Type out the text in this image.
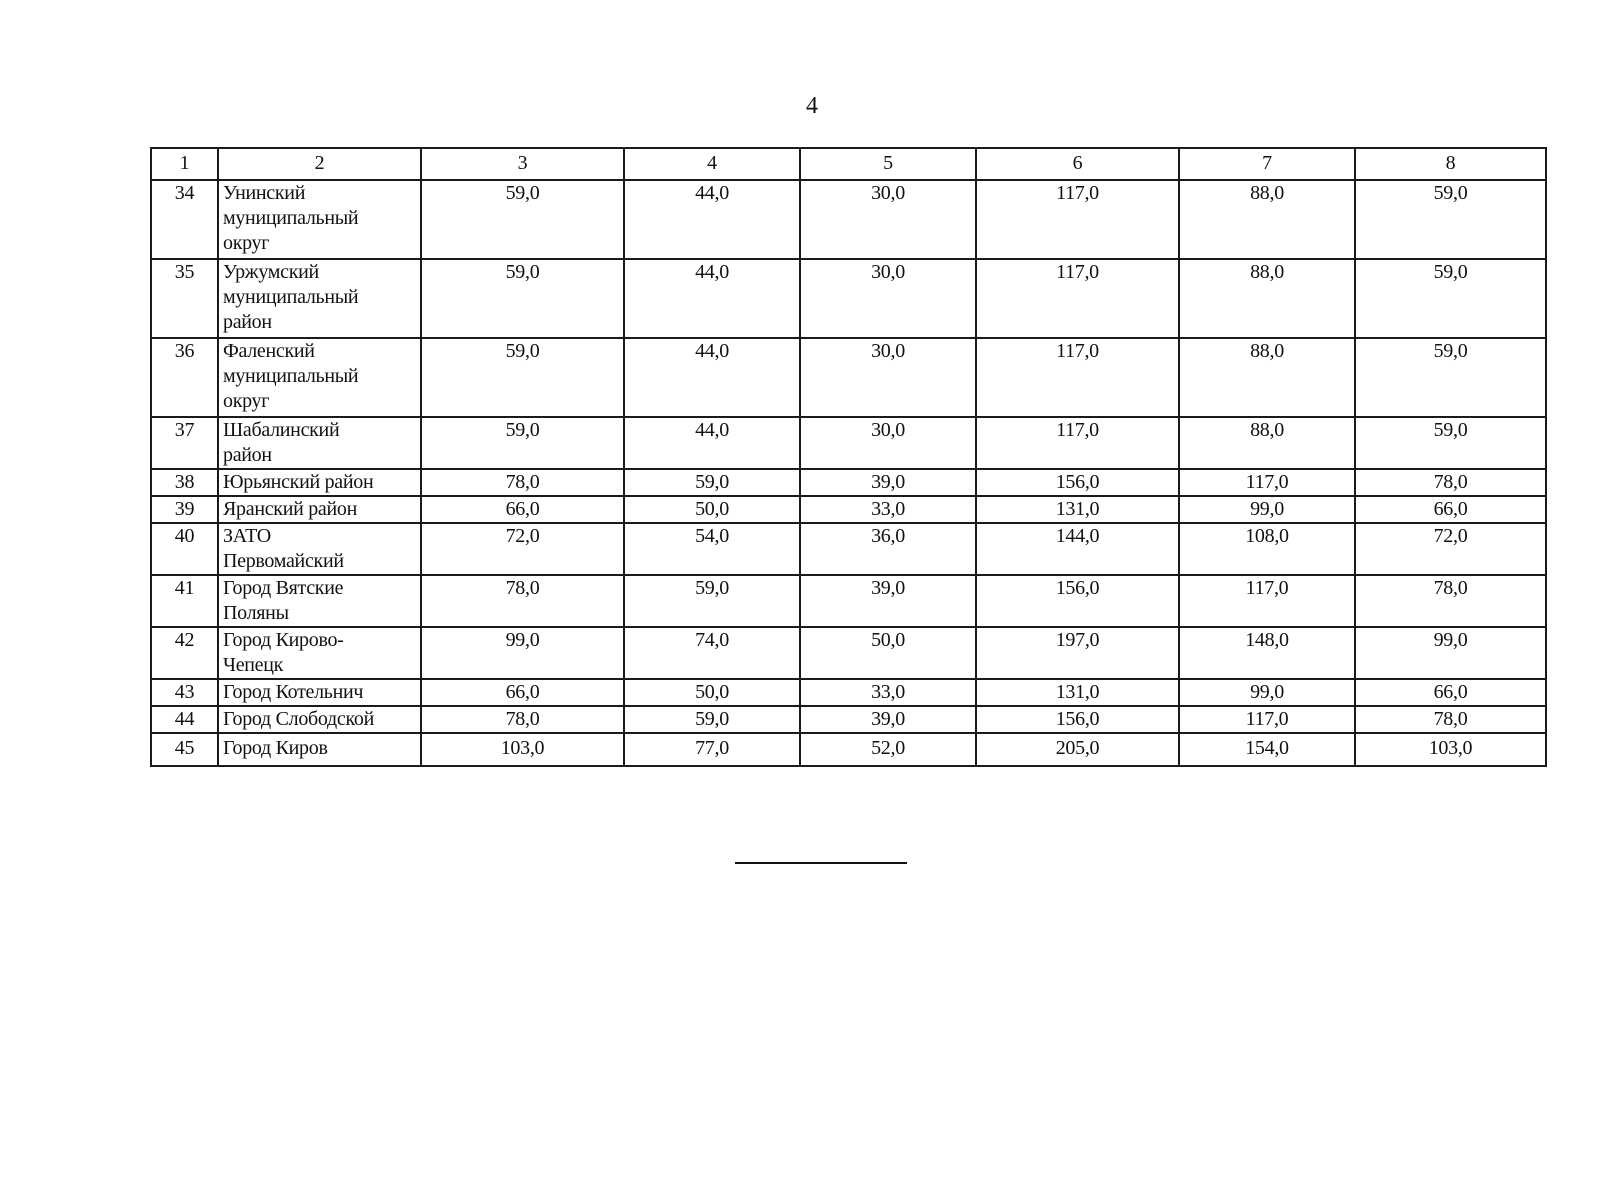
4
1	2	3	4	5	6	7	8
34	Унинский
муниципальный
округ	59,0	44,0	30,0	117,0	88,0	59,0
35	Уржумский
муниципальный
район	59,0	44,0	30,0	117,0	88,0	59,0
36	Фаленский
муниципальный
округ	59,0	44,0	30,0	117,0	88,0	59,0
37	Шабалинский
район	59,0	44,0	30,0	117,0	88,0	59,0
38	Юрьянский район	78,0	59,0	39,0	156,0	117,0	78,0
39	Яранский район	66,0	50,0	33,0	131,0	99,0	66,0
40	ЗАТО
Первомайский	72,0	54,0	36,0	144,0	108,0	72,0
41	Город Вятские
Поляны	78,0	59,0	39,0	156,0	117,0	78,0
42	Город Кирово-
Чепецк	99,0	74,0	50,0	197,0	148,0	99,0
43	Город Котельнич	66,0	50,0	33,0	131,0	99,0	66,0
44	Город Слободской	78,0	59,0	39,0	156,0	117,0	78,0
45	Город Киров	103,0	77,0	52,0	205,0	154,0	103,0
